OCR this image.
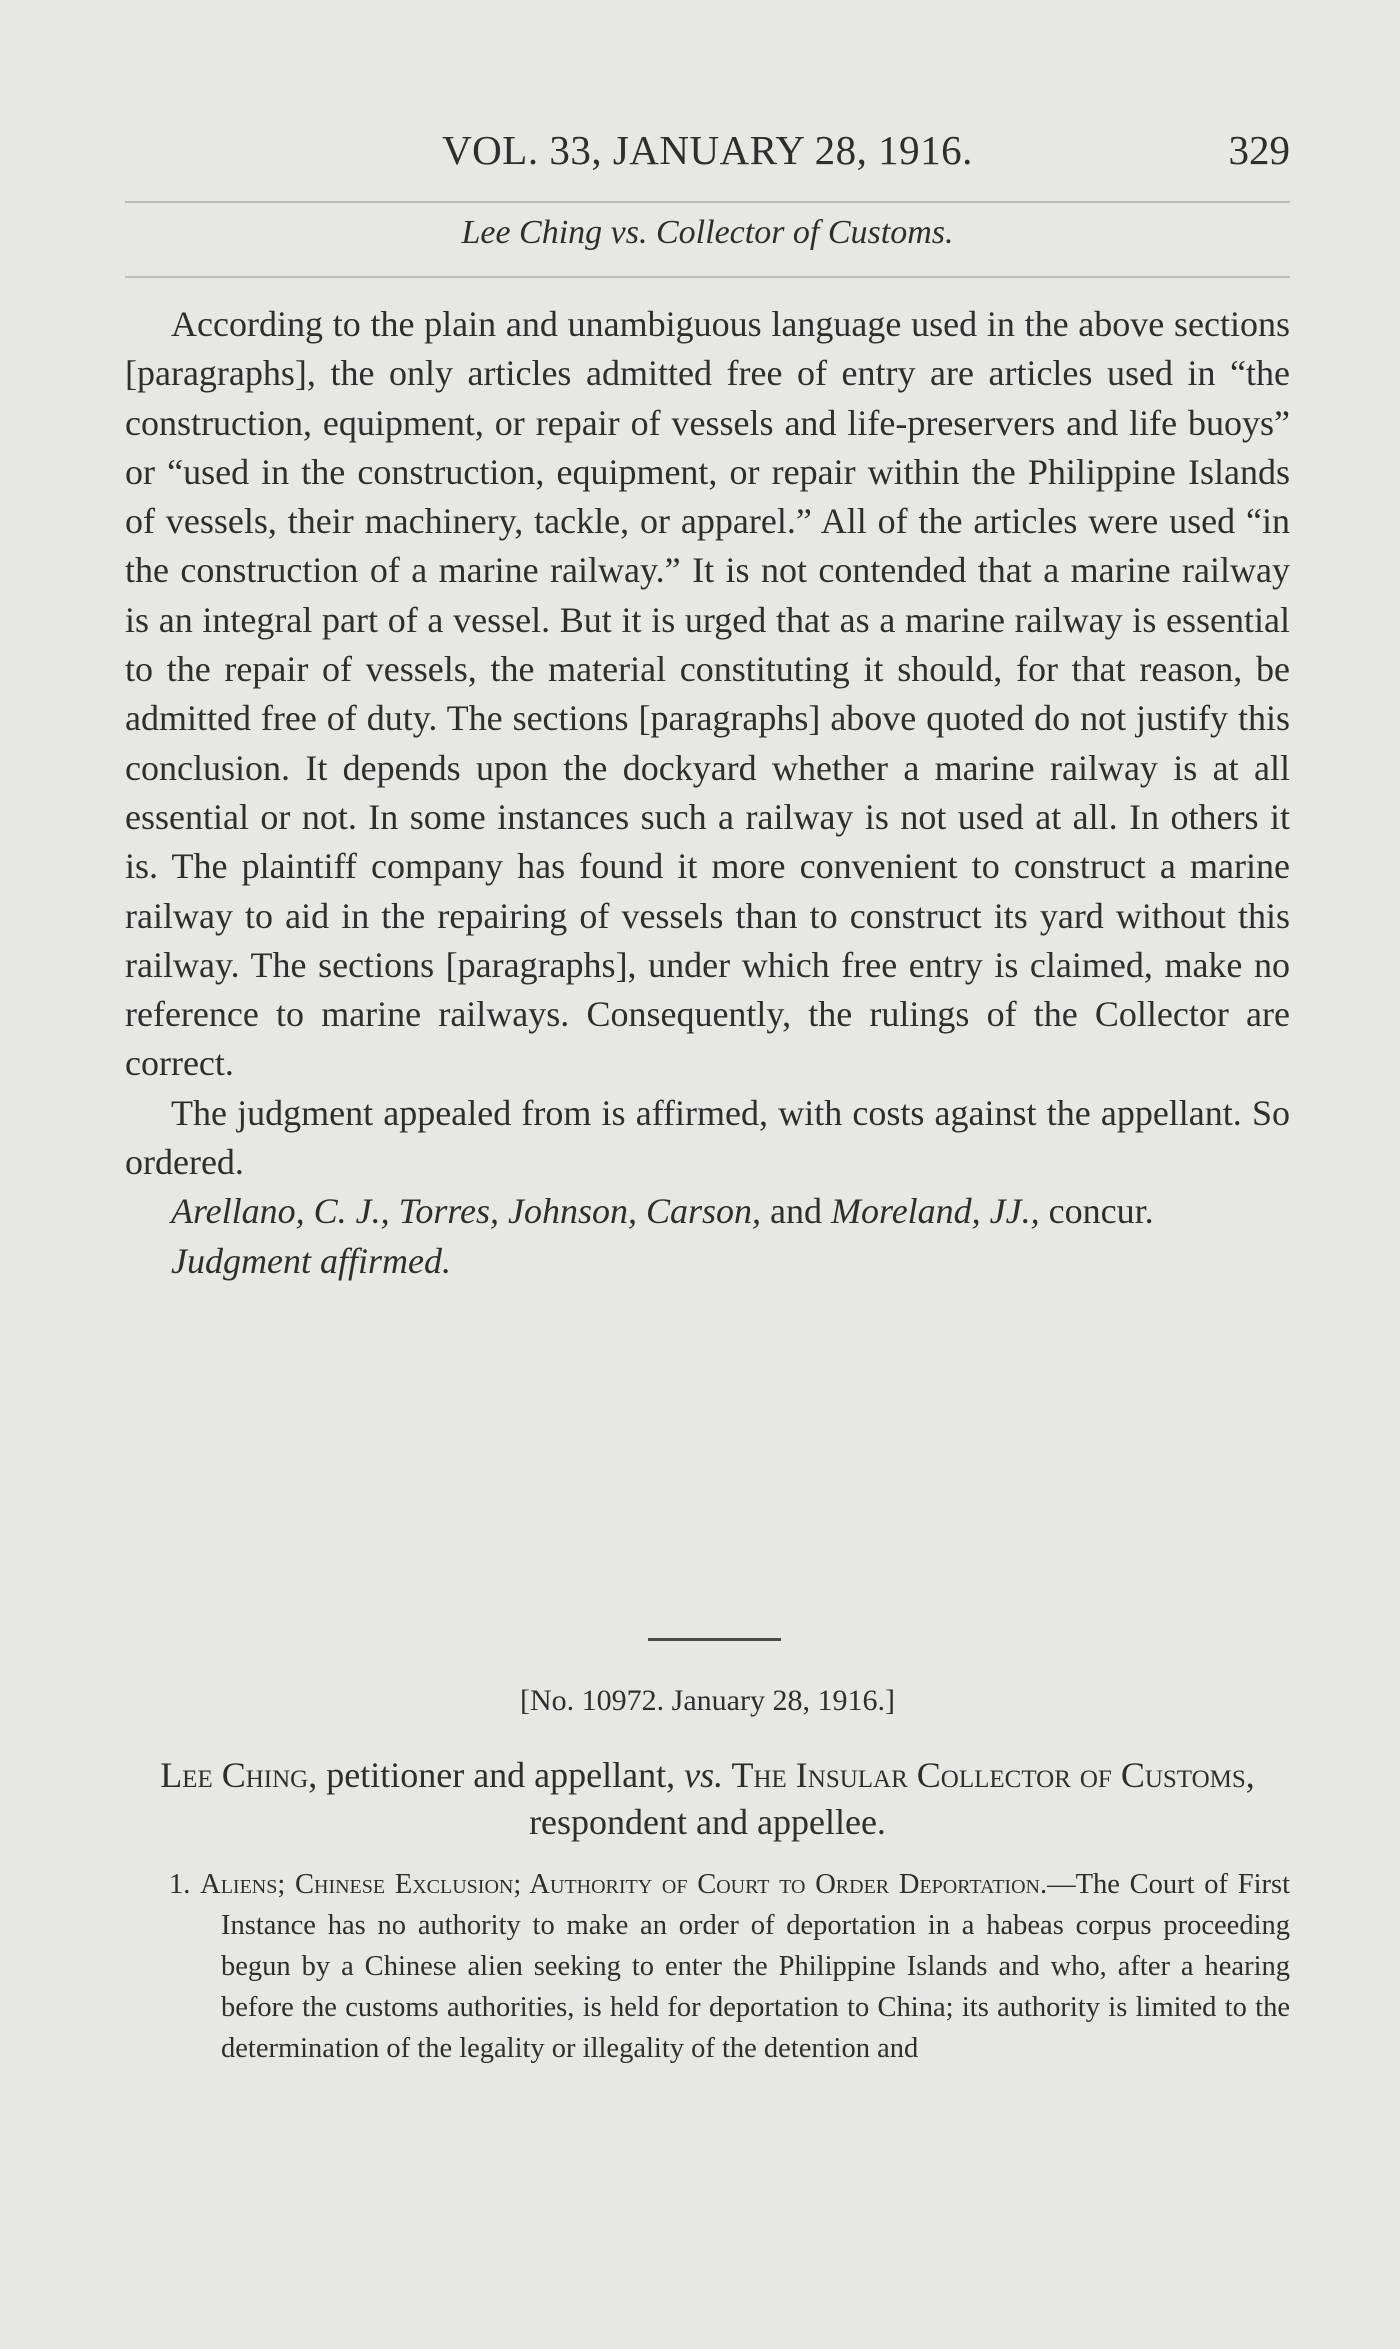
VOL. 33, JANUARY 28, 1916.	329
Lee Ching vs. Collector of Customs.

According to the plain and unambiguous language used in the above sections [paragraphs], the only articles admitted free of entry are articles used in “the construction, equipment, or repair of vessels and life-preservers and life buoys” or “used in the construction, equipment, or repair within the Philippine Islands of vessels, their machinery, tackle, or apparel.” All of the articles were used “in the construction of a marine railway.” It is not contended that a marine railway is an integral part of a vessel. But it is urged that as a marine railway is essential to the repair of vessels, the material constituting it should, for that reason, be admitted free of duty. The sections [paragraphs] above quoted do not justify this conclusion. It depends upon the dockyard whether a marine railway is at all essential or not. In some instances such a railway is not used at all. In others it is. The plaintiff company has found it more convenient to construct a marine railway to aid in the repairing of vessels than to construct its yard without this railway. The sections [paragraphs], under which free entry is claimed, make no reference to marine railways. Consequently, the rulings of the Collector are correct.

The judgment appealed from is affirmed, with costs against the appellant. So ordered.

Arellano, C. J., Torres, Johnson, Carson, and Moreland, JJ., concur.

Judgment affirmed.

[No. 10972. January 28, 1916.]
Lee Ching, petitioner and appellant, vs. The Insular Collector of Customs, respondent and appellee.

1. Aliens; Chinese Exclusion; Authority of Court to Order Deportation.—The Court of First Instance has no authority to make an order of deportation in a habeas corpus proceeding begun by a Chinese alien seeking to enter the Philippine Islands and who, after a hearing before the customs authorities, is held for deportation to China; its authority is limited to the determination of the legality or illegality of the detention and
